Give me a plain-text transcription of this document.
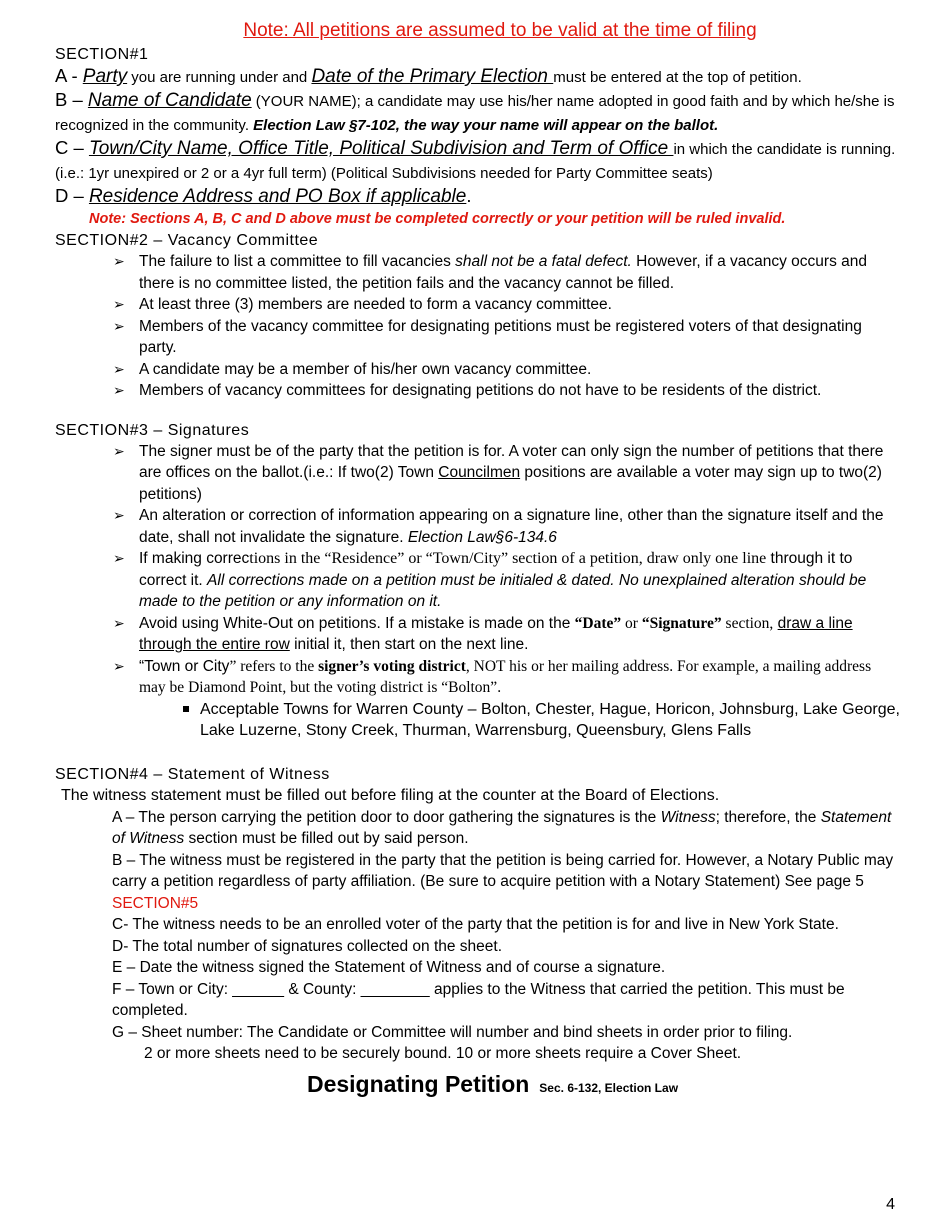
Note: All petitions are assumed to be valid at the time of filing
SECTION#1

A - Party you are running under and Date of the Primary Election must be entered at the top of petition.

B – Name of Candidate (YOUR NAME); a candidate may use his/her name adopted in good faith and by which he/she is recognized in the community. Election Law §7-102, the way your name will appear on the ballot.

C – Town/City Name, Office Title, Political Subdivision and Term of Office in which the candidate is running. (i.e.: 1yr unexpired or 2 or a 4yr full term) (Political Subdivisions needed for Party Committee seats)

D – Residence Address and PO Box if applicable.

Note: Sections A, B, C and D above must be completed correctly or your petition will be ruled invalid.
SECTION#2 – Vacancy Committee
➢ The failure to list a committee to fill vacancies shall not be a fatal defect. However, if a vacancy occurs and there is no committee listed, the petition fails and the vacancy cannot be filled.
➢ At least three (3) members are needed to form a vacancy committee.
➢ Members of the vacancy committee for designating petitions must be registered voters of that designating party.
➢ A candidate may be a member of his/her own vacancy committee.
➢ Members of vacancy committees for designating petitions do not have to be residents of the district.
SECTION#3 – Signatures
➢ The signer must be of the party that the petition is for. A voter can only sign the number of petitions that there are offices on the ballot.(i.e.: If two(2) Town Councilmen positions are available a voter may sign up to two(2) petitions)
➢ An alteration or correction of information appearing on a signature line, other than the signature itself and the date, shall not invalidate the signature. Election Law§6-134.6
➢ If making corrections in the “Residence” or “Town/City” section of a petition, draw only one line through it to correct it. All corrections made on a petition must be initialed & dated. No unexplained alteration should be made to the petition or any information on it.
➢ Avoid using White-Out on petitions. If a mistake is made on the “Date” or “Signature” section, draw a line through the entire row initial it, then start on the next line.
➢ “Town or City” refers to the signer’s voting district, NOT his or her mailing address. For example, a mailing address may be Diamond Point, but the voting district is “Bolton”.
Acceptable Towns for Warren County – Bolton, Chester, Hague, Horicon, Johnsburg, Lake George, Lake Luzerne, Stony Creek, Thurman, Warrensburg, Queensbury, Glens Falls
SECTION#4 – Statement of Witness
The witness statement must be filled out before filing at the counter at the Board of Elections.

A – The person carrying the petition door to door gathering the signatures is the Witness; therefore, the Statement of Witness section must be filled out by said person.

B – The witness must be registered in the party that the petition is being carried for. However, a Notary Public may carry a petition regardless of party affiliation. (Be sure to acquire petition with a Notary Statement) See page 5 SECTION#5

C- The witness needs to be an enrolled voter of the party that the petition is for and live in New York State.

D- The total number of signatures collected on the sheet.

E – Date the witness signed the Statement of Witness and of course a signature.

F – Town or City: ______ & County: ________ applies to the Witness that carried the petition. This must be completed.

G – Sheet number: The Candidate or Committee will number and bind sheets in order prior to filing.

2 or more sheets need to be securely bound. 10 or more sheets require a Cover Sheet.

Designating Petition Sec. 6-132, Election Law
4
